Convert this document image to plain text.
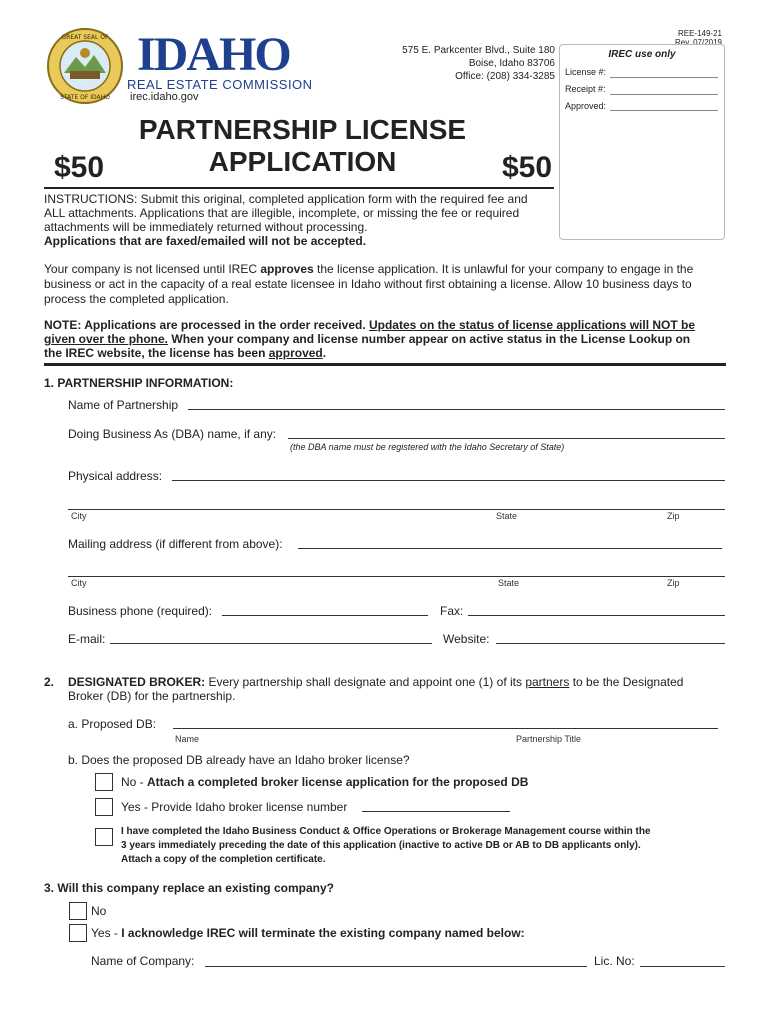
REE-149-21
Rev. 07/2019
GREAT SEAL OF
STATE OF IDAHO
IDAHO
REAL ESTATE COMMISSION
irec.idaho.gov
575 E. Parkcenter Blvd., Suite 180
Boise, Idaho 83706
Office: (208) 334-3285
IREC use only
License #:
Receipt #:
Approved:
PARTNERSHIP LICENSE
APPLICATION
$50	$50
INSTRUCTIONS: Submit this original, completed application form with the required fee and
ALL attachments. Applications that are illegible, incomplete, or missing the fee or required
attachments will be immediately returned without processing.
Applications that are faxed/emailed will not be accepted.
Your company is not licensed until IREC approves the license application. It is unlawful for your company to engage in the
business or act in the capacity of a real estate licensee in Idaho without first obtaining a license. Allow 10 business days to
process the completed application.
NOTE: Applications are processed in the order received. Updates on the status of license applications will NOT be
given over the phone. When your company and license number appear on active status in the License Lookup on
the IREC website, the license has been approved.
1. PARTNERSHIP INFORMATION:
Name of Partnership
Doing Business As (DBA) name, if any:
(the DBA name must be registered with the Idaho Secretary of State)
Physical address:
City	State	Zip
Mailing address (if different from above):
City	State	Zip
Business phone (required):	Fax:
E-mail:	Website:
2. DESIGNATED BROKER: Every partnership shall designate and appoint one (1) of its partners to be the Designated
Broker (DB) for the partnership.
a. Proposed DB:
Name	Partnership Title
b. Does the proposed DB already have an Idaho broker license?
No - Attach a completed broker license application for the proposed DB
Yes - Provide Idaho broker license number
I have completed the Idaho Business Conduct & Office Operations or Brokerage Management course within the
3 years immediately preceding the date of this application (inactive to active DB or AB to DB applicants only).
Attach a copy of the completion certificate.
3. Will this company replace an existing company?
No
Yes - I acknowledge IREC will terminate the existing company named below:
Name of Company:	Lic. No:
